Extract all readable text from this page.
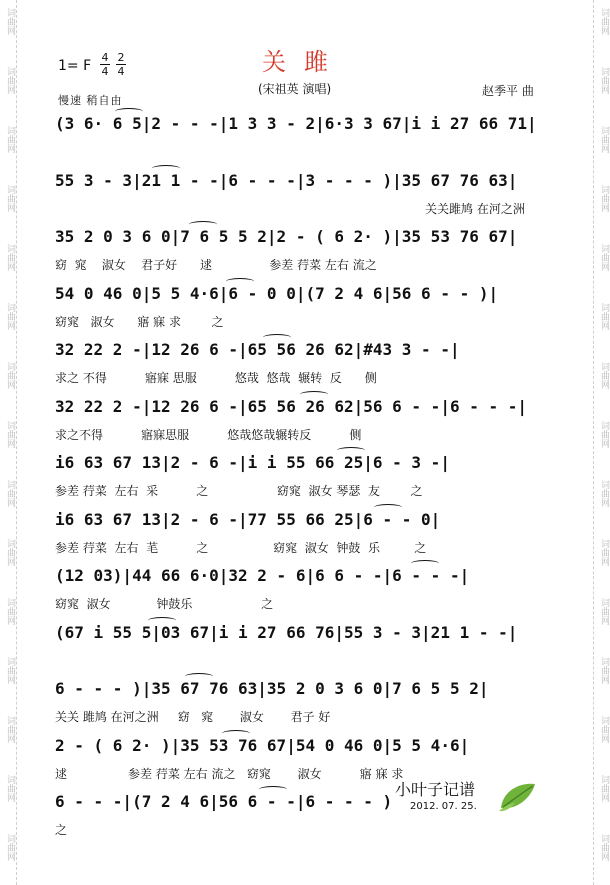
词曲网
词曲网
词曲网
词曲网
词曲网
词曲网
词曲网
词曲网
词曲网
词曲网
词曲网
词曲网
词曲网
词曲网
词曲网
词曲网
词曲网
词曲网
词曲网
词曲网
词曲网
词曲网
词曲网
词曲网
词曲网
词曲网
词曲网
词曲网
词曲网
词曲网
1= F
4
4
2
4
慢速 稍自由
关雎
(宋祖英 演唱)	赵季平 曲
(3 6· 6 5|2 - - -|1 3 3 - 2|6·3 3 67|i i 27 66 71|
55 3 - 3|21 1 - -|6 - - -|3 - - - )|35 67 76 63|
关关雎鸠 在河之洲
35 2 0 3 6 0|7 6 5 5 2|2 - ( 6 2· )|35 53 76 67|
窈  窕    淑女    君子好      逑               参差 荇菜 左右 流之
54 0 46 0|5 5 4·6|6 - 0 0|(7 2 4 6|56 6 - - )|
窈窕   淑女      寤 寐 求        之
32 22 2 -|12 26 6 -|65 56 26 62|#43 3 - -|
求之 不得          寤寐 思服          悠哉  悠哉  辗转  反      侧
32 22 2 -|12 26 6 -|65 56 26 62|56 6 - -|6 - - -|
求之不得          寤寐思服          悠哉悠哉辗转反          侧
i6 63 67 13|2 - 6 -|i i 55 66 25|6 - 3 -|
参差 荇菜  左右  采          之                  窈窕  淑女 琴瑟  友        之
i6 63 67 13|2 - 6 -|77 55 66 25|6 - - 0|
参差 荇菜  左右  芼          之                 窈窕  淑女  钟鼓  乐         之
(12 03)|44 66 6·0|32 2 - 6|6 6 - -|6 - - -|
窈窕  淑女            钟鼓乐                  之
(67 i 55 5|03 67|i i 27 66 76|55 3 - 3|21 1 - -|
6 - - - )|35 67 76 63|35 2 0 3 6 0|7 6 5 5 2|
关关 雎鸠 在河之洲     窈   窕       淑女       君子 好
2 - ( 6 2· )|35 53 76 67|54 0 46 0|5 5 4·6|
逑                参差 荇菜 左右 流之   窈窕       淑女          寤 寐 求
6 - - -|(7 2 4 6|56 6 - -|6 - - - )
之
小叶子记谱
2012. 07. 25.
